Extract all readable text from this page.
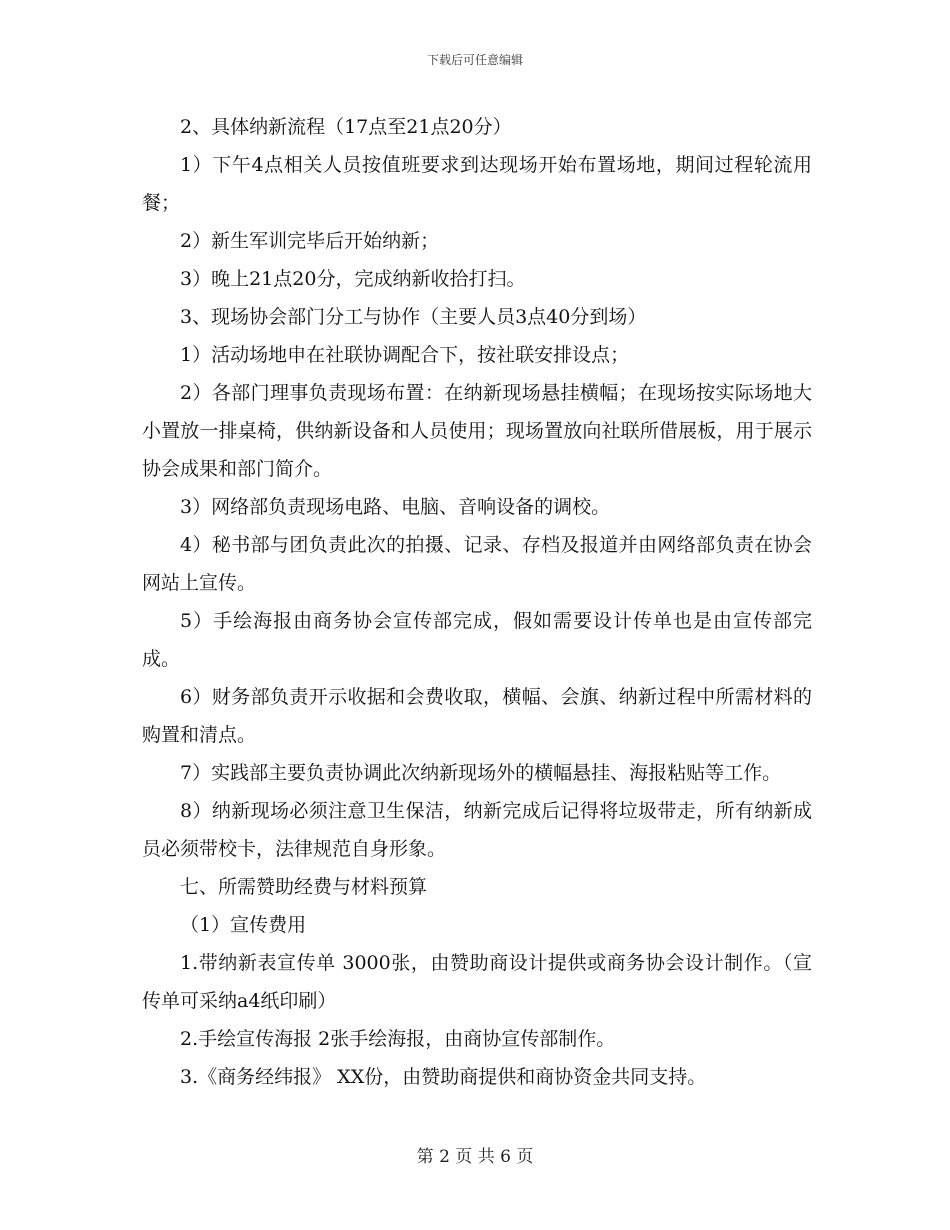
下载后可任意编辑

2、具体纳新流程（17点至21点20分）

1）下午4点相关人员按值班要求到达现场开始布置场地，期间过程轮流用餐；

2）新生军训完毕后开始纳新；

3）晚上21点20分，完成纳新收拾打扫。

3、现场协会部门分工与协作（主要人员3点40分到场）

1）活动场地申在社联协调配合下，按社联安排设点；

2）各部门理事负责现场布置：在纳新现场悬挂横幅；在现场按实际场地大小置放一排桌椅，供纳新设备和人员使用；现场置放向社联所借展板，用于展示协会成果和部门简介。

3）网络部负责现场电路、电脑、音响设备的调校。

4）秘书部与团负责此次的拍摄、记录、存档及报道并由网络部负责在协会网站上宣传。

5）手绘海报由商务协会宣传部完成，假如需要设计传单也是由宣传部完成。

6）财务部负责开示收据和会费收取，横幅、会旗、纳新过程中所需材料的购置和清点。

7）实践部主要负责协调此次纳新现场外的横幅悬挂、海报粘贴等工作。

8）纳新现场必须注意卫生保洁，纳新完成后记得将垃圾带走，所有纳新成员必须带校卡，法律规范自身形象。

七、所需赞助经费与材料预算

（1）宣传费用

1.带纳新表宣传单 3000张，由赞助商设计提供或商务协会设计制作。（宣传单可采纳a4纸印刷）

2.手绘宣传海报 2张手绘海报，由商协宣传部制作。

3.《商务经纬报》 XX份，由赞助商提供和商协资金共同支持。

第 2 页 共 6 页
